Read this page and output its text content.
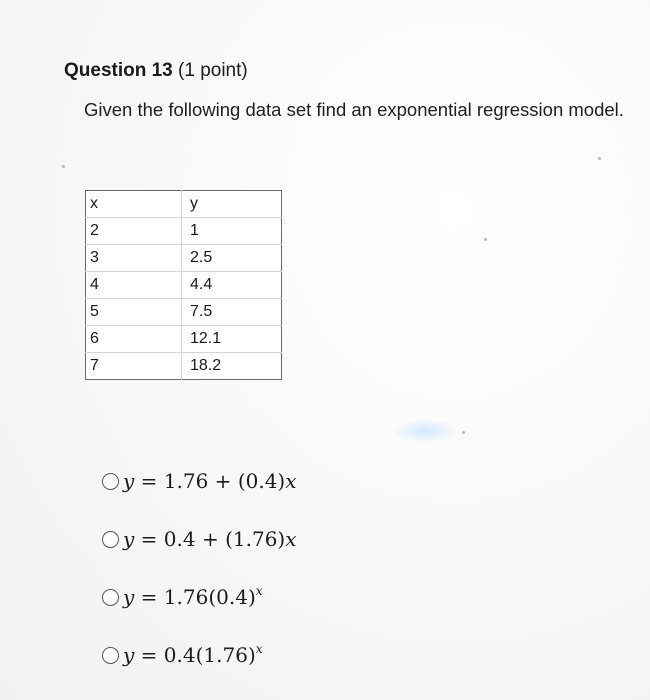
Question 13 (1 point)
Given the following data set find an exponential regression model.
x	y
2	1
3	2.5
4	4.4
5	7.5
6	12.1
7	18.2
y = 1.76 + (0.4)x
y = 0.4 + (1.76)x
$y = 1.76(0.4)^x$
$y = 0.4(1.76)^x$
